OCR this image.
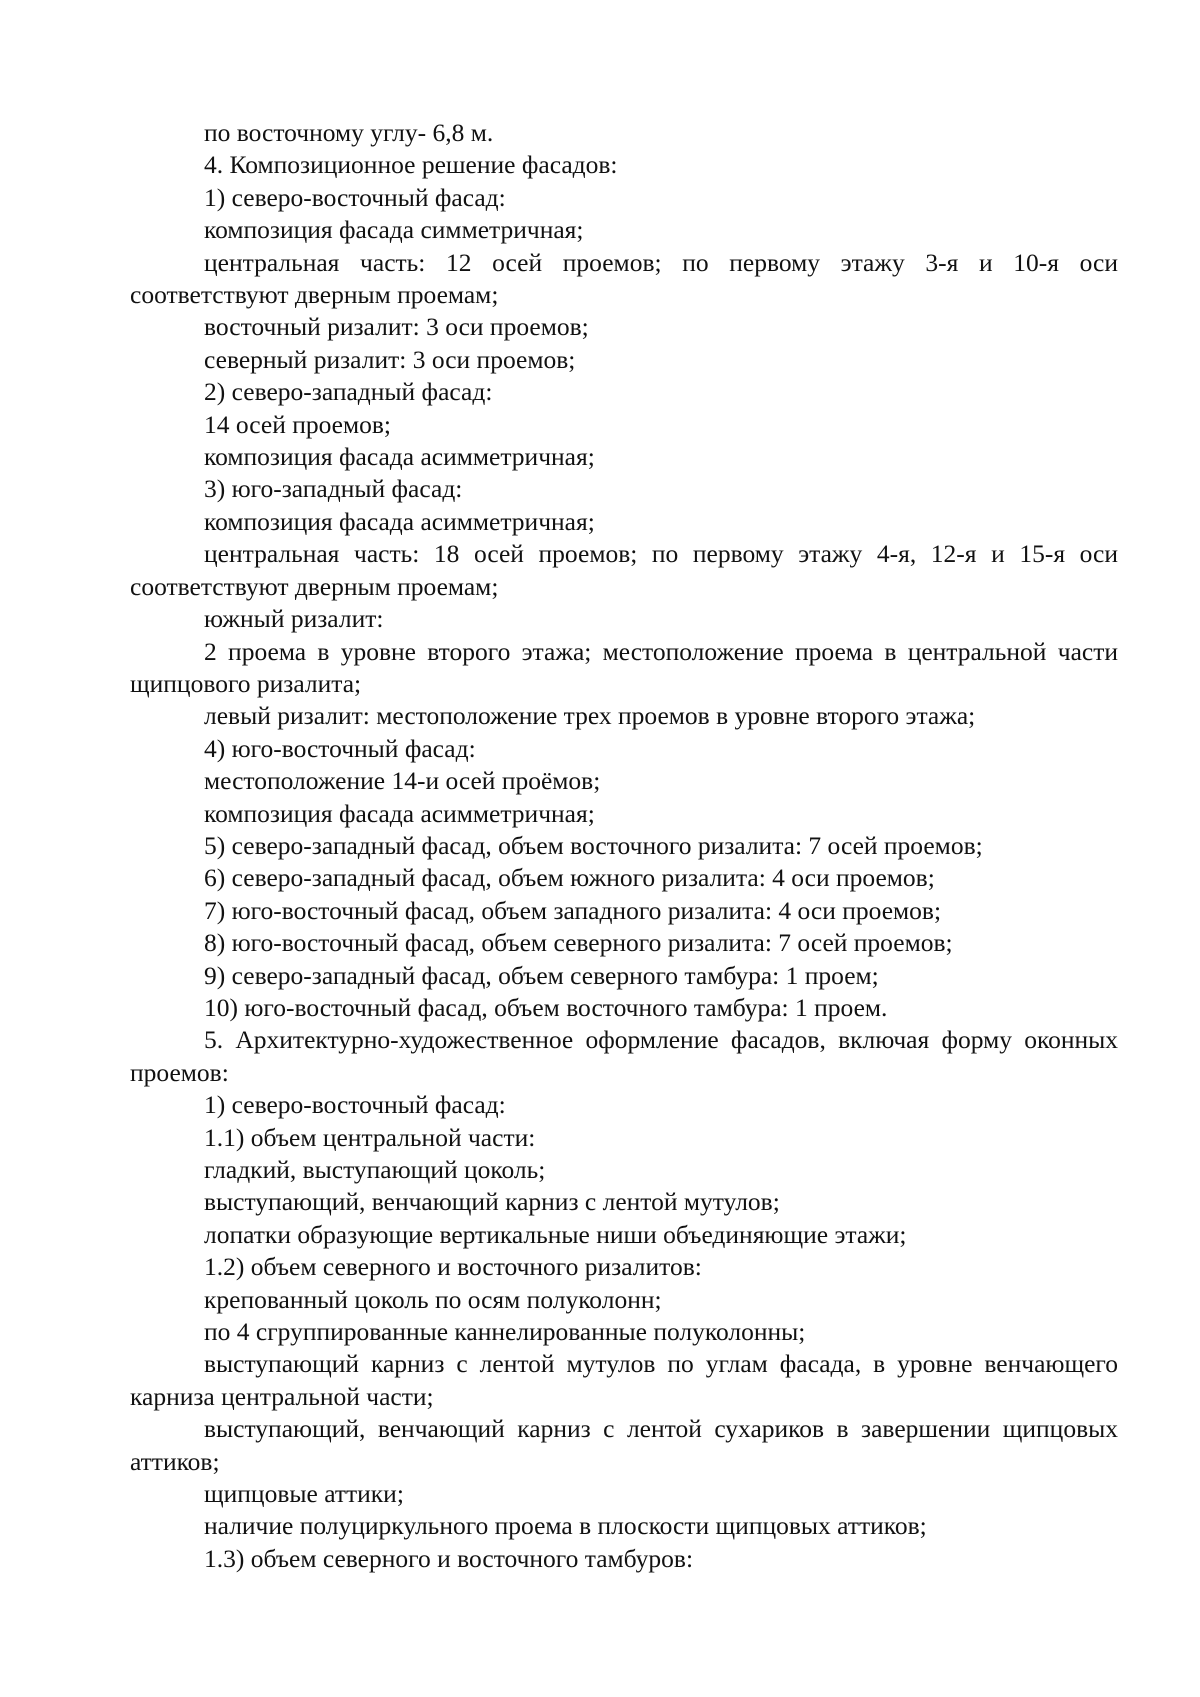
по восточному углу- 6,8 м.

4. Композиционное решение фасадов:

1) северо-восточный фасад:

композиция фасада симметричная;

центральная часть: 12 осей проемов; по первому этажу 3-я и 10-я оси соответствуют дверным проемам;

восточный ризалит: 3 оси проемов;

северный ризалит: 3 оси проемов;

2) северо-западный фасад:

14 осей проемов;

композиция фасада асимметричная;

3) юго-западный фасад:

композиция фасада асимметричная;

центральная часть: 18 осей проемов; по первому этажу 4-я, 12-я и 15-я оси соответствуют дверным проемам;

южный ризалит:

2 проема в уровне второго этажа; местоположение проема в центральной части щипцового ризалита;

левый ризалит: местоположение трех проемов в уровне второго этажа;

4) юго-восточный фасад:

местоположение 14-и осей проёмов;

композиция фасада асимметричная;

5) северо-западный фасад, объем восточного ризалита: 7 осей проемов;

6) северо-западный фасад, объем южного ризалита: 4 оси проемов;

7) юго-восточный фасад, объем западного ризалита: 4 оси проемов;

8) юго-восточный фасад, объем северного ризалита: 7 осей проемов;

9) северо-западный фасад, объем северного тамбура: 1 проем;

10) юго-восточный фасад, объем восточного тамбура: 1 проем.

5. Архитектурно-художественное оформление фасадов, включая форму оконных проемов:

1) северо-восточный фасад:

1.1) объем центральной части:

гладкий, выступающий цоколь;

выступающий, венчающий карниз с лентой мутулов;

лопатки образующие вертикальные ниши объединяющие этажи;

1.2) объем северного и восточного ризалитов:

крепованный цоколь по осям полуколонн;

по 4 сгруппированные каннелированные полуколонны;

выступающий карниз с лентой мутулов по углам фасада, в уровне венчающего карниза центральной части;

выступающий, венчающий карниз с лентой сухариков в завершении щипцовых аттиков;

щипцовые аттики;

наличие полуциркульного проема в плоскости щипцовых аттиков;

1.3) объем северного и восточного тамбуров:
